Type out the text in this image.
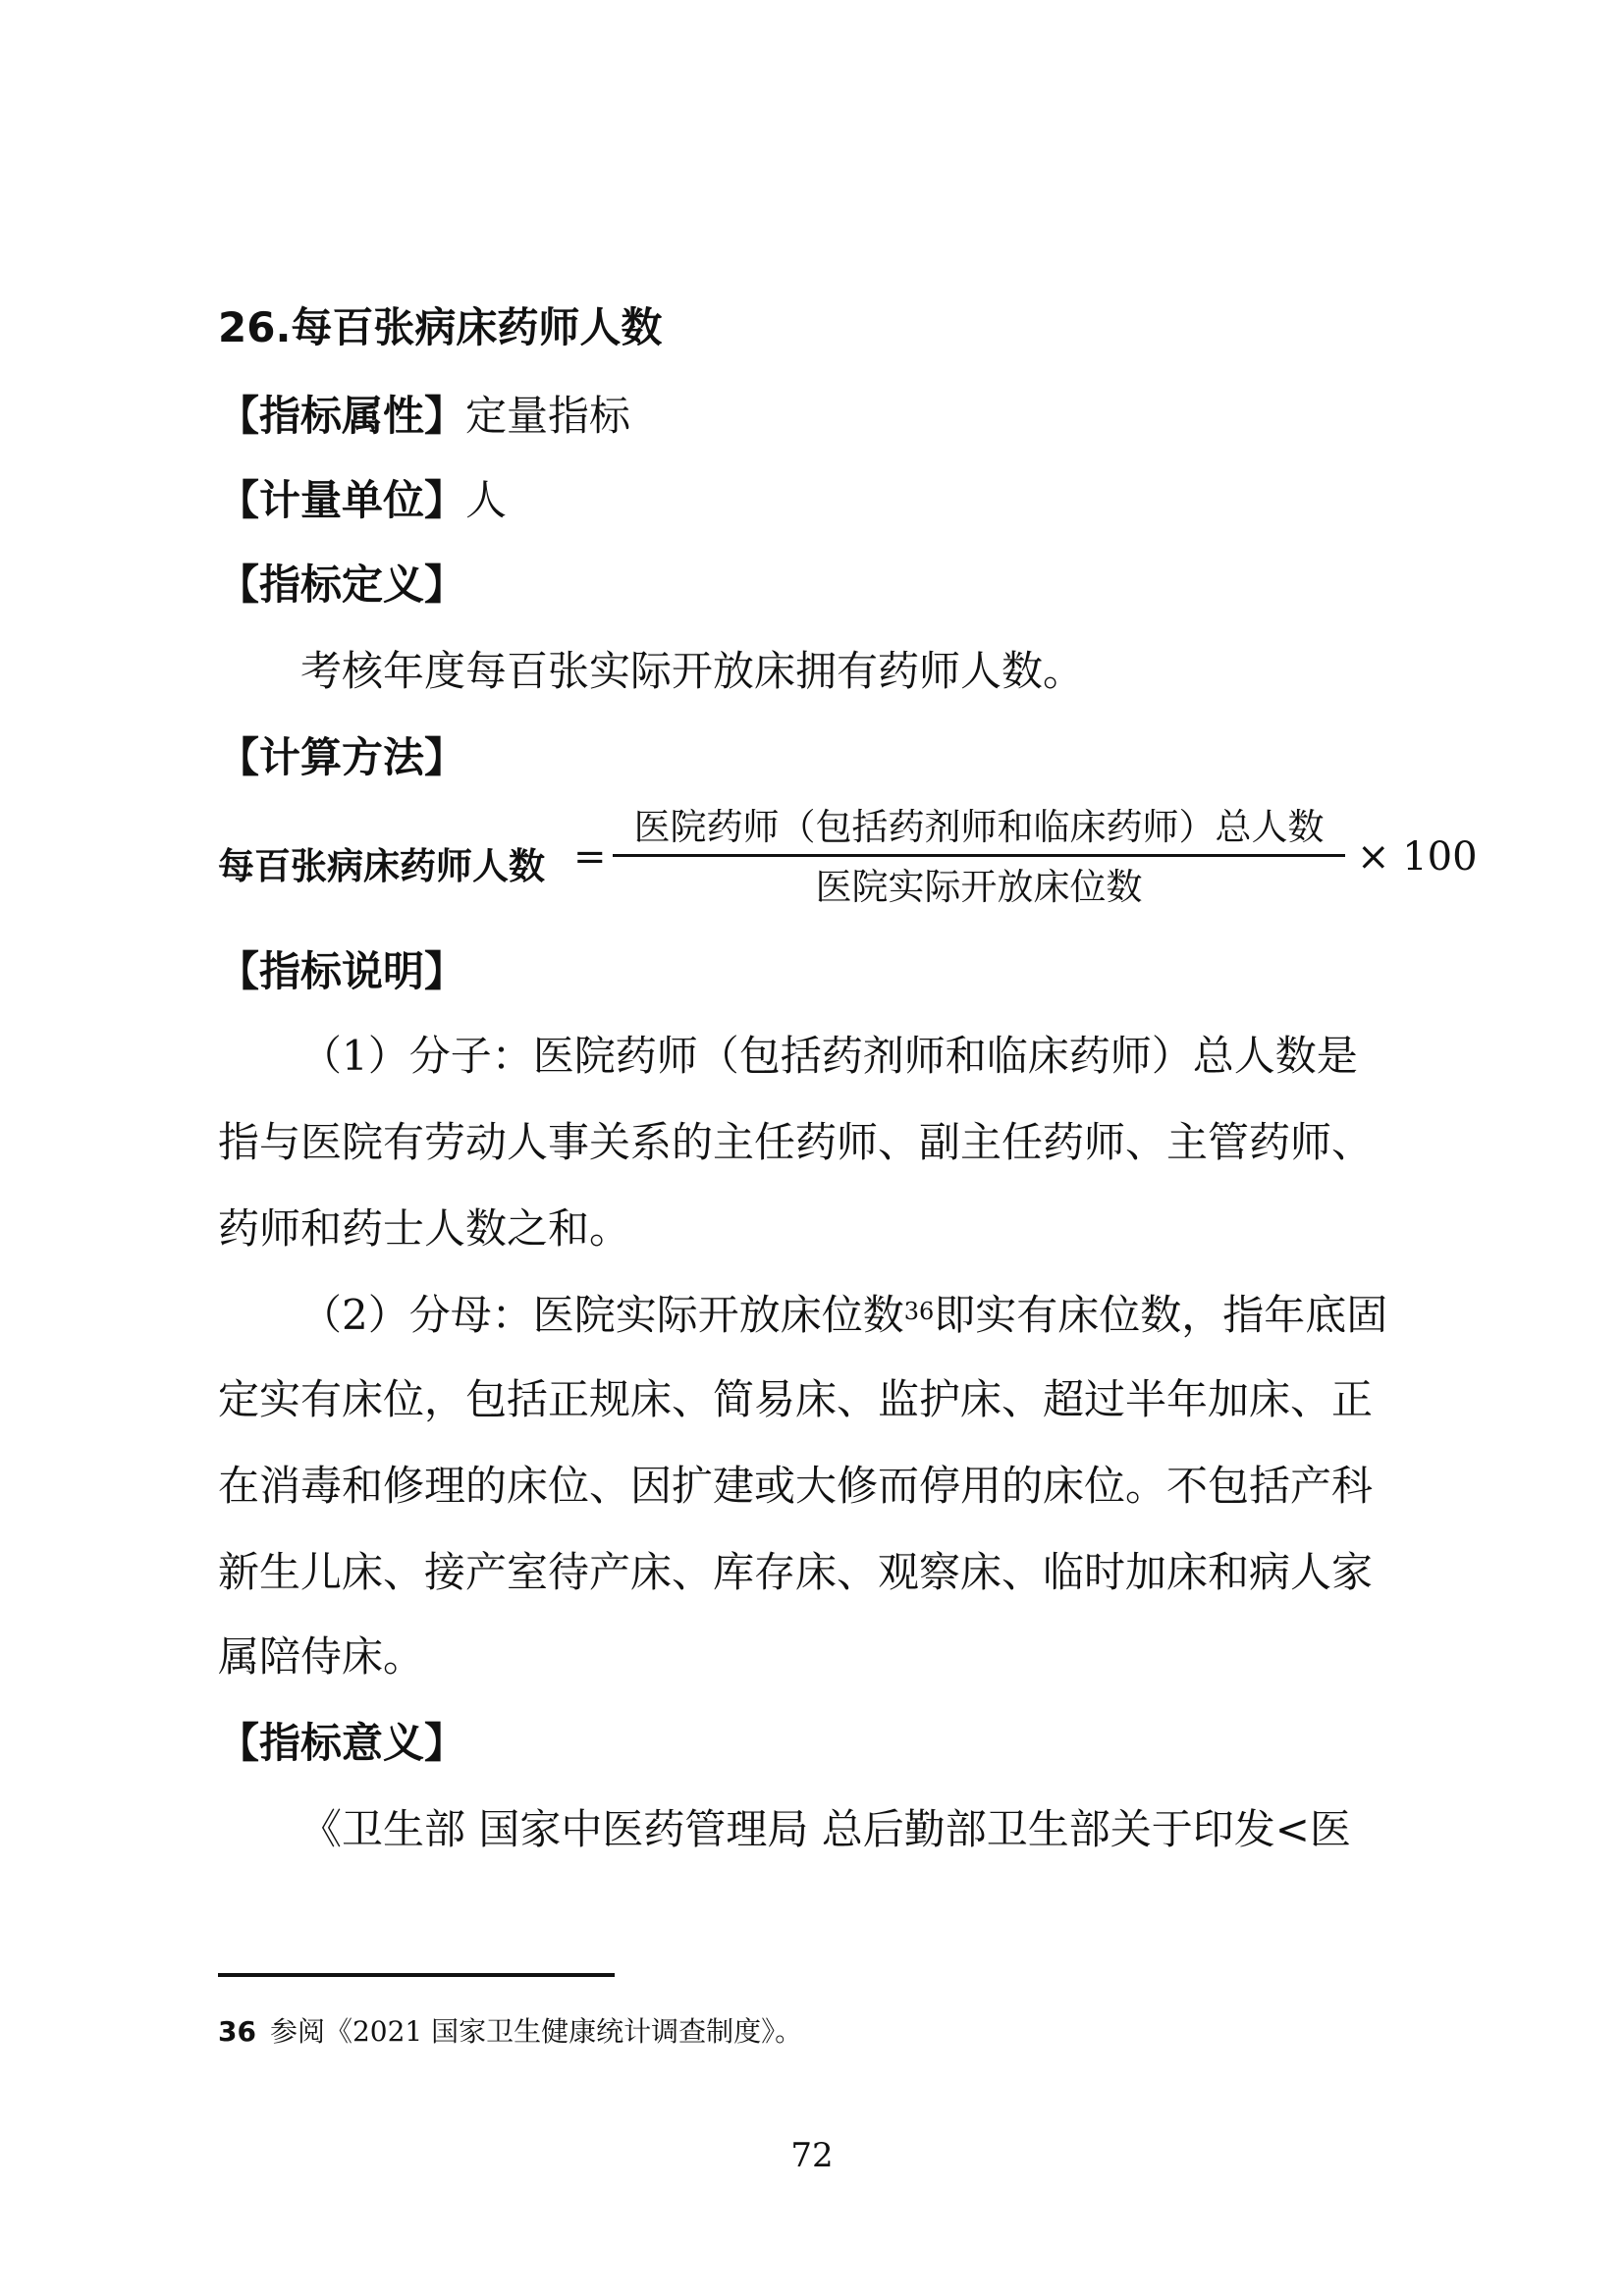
26.每百张病床药师人数
【指标属性】定量指标
【计量单位】人
【指标定义】
考核年度每百张实际开放床拥有药师人数。
【计算方法】
每百张病床药师人数 =
医院药师（包括药剂师和临床药师）总人数
医院实际开放床位数
× 100
【指标说明】
（1）分子：医院药师（包括药剂师和临床药师）总人数是
指与医院有劳动人事关系的主任药师、副主任药师、主管药师、
药师和药士人数之和。
（2）分母：医院实际开放床位数$^{36}$即实有床位数，指年底固
定实有床位，包括正规床、简易床、监护床、超过半年加床、正
在消毒和修理的床位、因扩建或大修而停用的床位。不包括产科
新生儿床、接产室待产床、库存床、观察床、临时加床和病人家
属陪侍床。
【指标意义】
《卫生部 国家中医药管理局 总后勤部卫生部关于印发<医
36 参阅《2021 国家卫生健康统计调查制度》。
72
